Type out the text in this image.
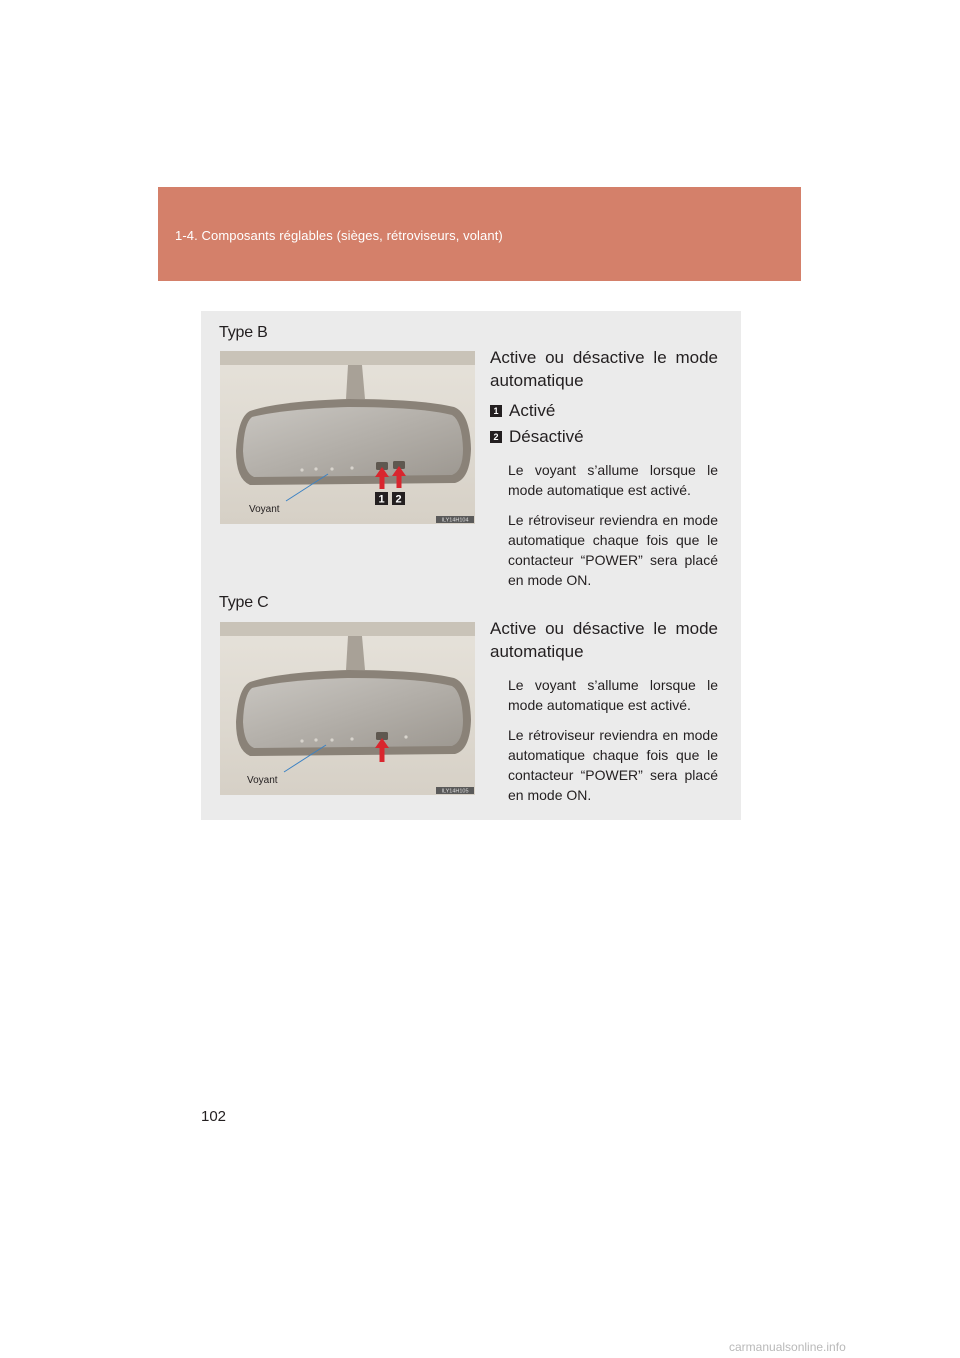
1-4. Composants réglables (sièges, rétroviseurs, volant)
Type B
1 2
Voyant
ILY14H104
Active ou désactive le mode automatique
1 Activé
2 Désactivé
Le voyant s’allume lorsque le mode automatique est activé.
Le rétroviseur reviendra en mode automatique chaque fois que le contacteur “POWER” sera placé en mode ON.
Type C
Voyant
ILY14H105
Active ou désactive le mode automatique
Le voyant s’allume lorsque le mode automatique est activé.
Le rétroviseur reviendra en mode automatique chaque fois que le contacteur “POWER” sera placé en mode ON.
102
carmanualsonline.info
